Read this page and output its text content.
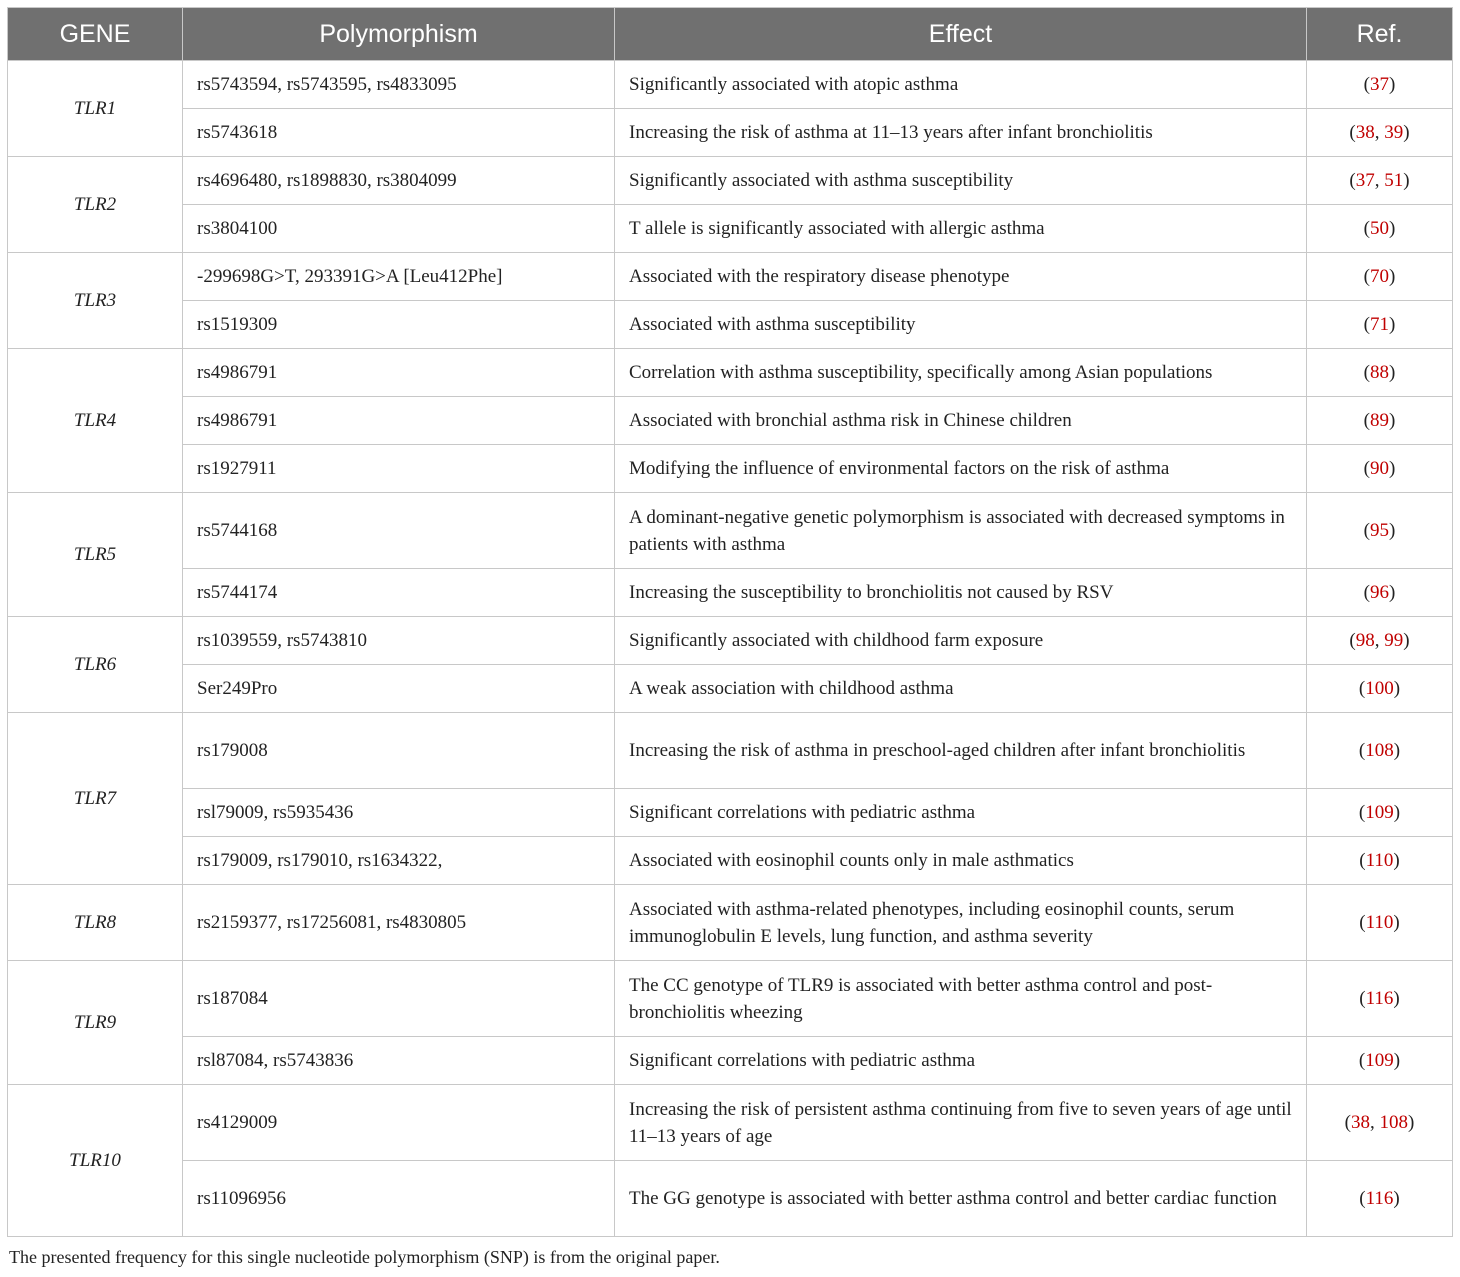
GENE	Polymorphism	Effect	Ref.
TLR1	rs5743594, rs5743595, rs4833095	Significantly associated with atopic asthma	(37)
	rs5743618	Increasing the risk of asthma at 11–13 years after infant bronchiolitis	(38, 39)
TLR2	rs4696480, rs1898830, rs3804099	Significantly associated with asthma susceptibility	(37, 51)
	rs3804100	T allele is significantly associated with allergic asthma	(50)
TLR3	-299698G>T, 293391G>A [Leu412Phe]	Associated with the respiratory disease phenotype	(70)
	rs1519309	Associated with asthma susceptibility	(71)
TLR4	rs4986791	Correlation with asthma susceptibility, specifically among Asian populations	(88)
	rs4986791	Associated with bronchial asthma risk in Chinese children	(89)
	rs1927911	Modifying the influence of environmental factors on the risk of asthma	(90)
TLR5	rs5744168	A dominant-negative genetic polymorphism is associated with decreased symptoms in patients with asthma	(95)
	rs5744174	Increasing the susceptibility to bronchiolitis not caused by RSV	(96)
TLR6	rs1039559, rs5743810	Significantly associated with childhood farm exposure	(98, 99)
	Ser249Pro	A weak association with childhood asthma	(100)
TLR7	rs179008	Increasing the risk of asthma in preschool-aged children after infant bronchiolitis	(108)
	rsl79009, rs5935436	Significant correlations with pediatric asthma	(109)
	rs179009, rs179010, rs1634322,	Associated with eosinophil counts only in male asthmatics	(110)
TLR8	rs2159377, rs17256081, rs4830805	Associated with asthma-related phenotypes, including eosinophil counts, serum immunoglobulin E levels, lung function, and asthma severity	(110)
TLR9	rs187084	The CC genotype of TLR9 is associated with better asthma control and post-bronchiolitis wheezing	(116)
	rsl87084, rs5743836	Significant correlations with pediatric asthma	(109)
TLR10	rs4129009	Increasing the risk of persistent asthma continuing from five to seven years of age until 11–13 years of age	(38, 108)
	rs11096956	The GG genotype is associated with better asthma control and better cardiac function	(116)
The presented frequency for this single nucleotide polymorphism (SNP) is from the original paper.
